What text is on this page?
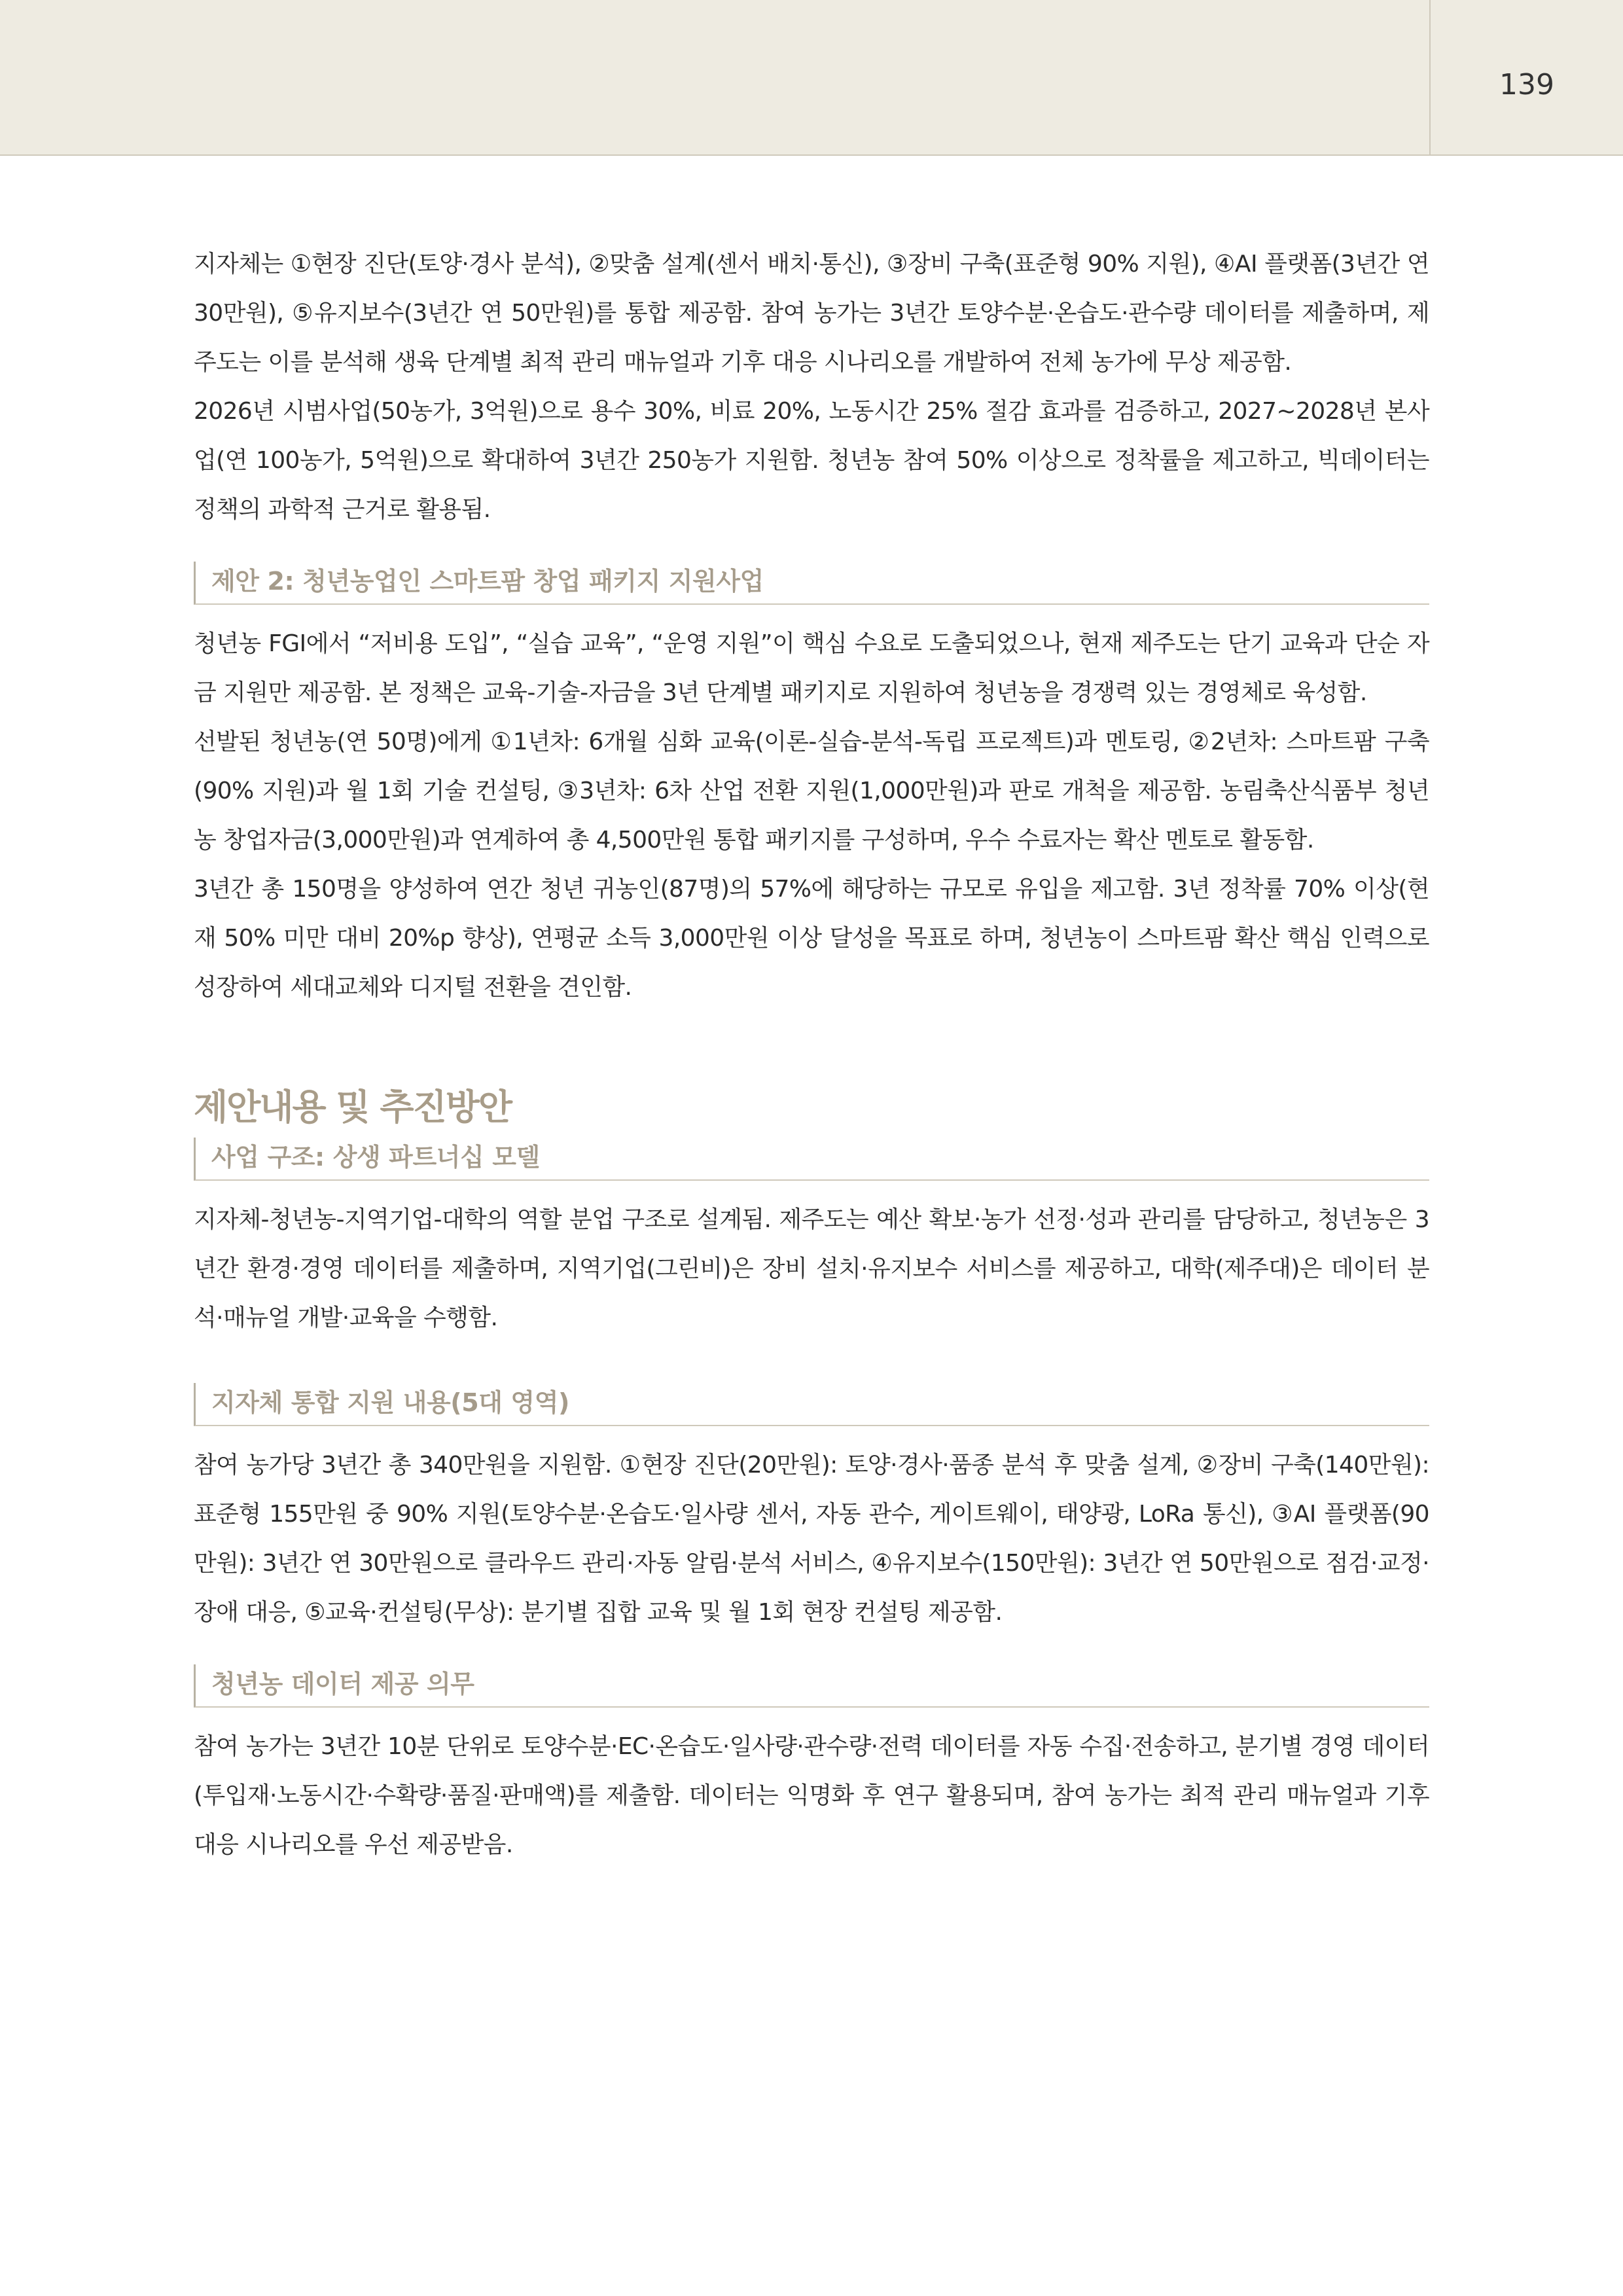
139

지자체는 ①현장 진단(토양·경사 분석), ②맞춤 설계(센서 배치·통신), ③장비 구축(표준형 90% 지원), ④AI 플랫폼(3년간 연 30만원), ⑤유지보수(3년간 연 50만원)를 통합 제공함. 참여 농가는 3년간 토양수분·온습도·관수량 데이터를 제출하며, 제주도는 이를 분석해 생육 단계별 최적 관리 매뉴얼과 기후 대응 시나리오를 개발하여 전체 농가에 무상 제공함.

2026년 시범사업(50농가, 3억원)으로 용수 30%, 비료 20%, 노동시간 25% 절감 효과를 검증하고, 2027~2028년 본사업(연 100농가, 5억원)으로 확대하여 3년간 250농가 지원함. 청년농 참여 50% 이상으로 정착률을 제고하고, 빅데이터는 정책의 과학적 근거로 활용됨.

제안 2: 청년농업인 스마트팜 창업 패키지 지원사업

청년농 FGI에서 “저비용 도입”, “실습 교육”, “운영 지원”이 핵심 수요로 도출되었으나, 현재 제주도는 단기 교육과 단순 자금 지원만 제공함. 본 정책은 교육-기술-자금을 3년 단계별 패키지로 지원하여 청년농을 경쟁력 있는 경영체로 육성함.

선발된 청년농(연 50명)에게 ①1년차: 6개월 심화 교육(이론-실습-분석-독립 프로젝트)과 멘토링, ②2년차: 스마트팜 구축(90% 지원)과 월 1회 기술 컨설팅, ③3년차: 6차 산업 전환 지원(1,000만원)과 판로 개척을 제공함. 농림축산식품부 청년농 창업자금(3,000만원)과 연계하여 총 4,500만원 통합 패키지를 구성하며, 우수 수료자는 확산 멘토로 활동함.

3년간 총 150명을 양성하여 연간 청년 귀농인(87명)의 57%에 해당하는 규모로 유입을 제고함. 3년 정착률 70% 이상(현재 50% 미만 대비 20%p 향상), 연평균 소득 3,000만원 이상 달성을 목표로 하며, 청년농이 스마트팜 확산 핵심 인력으로 성장하여 세대교체와 디지털 전환을 견인함.

제안내용 및 추진방안
사업 구조: 상생 파트너십 모델

지자체-청년농-지역기업-대학의 역할 분업 구조로 설계됨. 제주도는 예산 확보·농가 선정·성과 관리를 담당하고, 청년농은 3년간 환경·경영 데이터를 제출하며, 지역기업(그린비)은 장비 설치·유지보수 서비스를 제공하고, 대학(제주대)은 데이터 분석·매뉴얼 개발·교육을 수행함.

지자체 통합 지원 내용(5대 영역)

참여 농가당 3년간 총 340만원을 지원함. ①현장 진단(20만원): 토양·경사·품종 분석 후 맞춤 설계, ②장비 구축(140만원): 표준형 155만원 중 90% 지원(토양수분·온습도·일사량 센서, 자동 관수, 게이트웨이, 태양광, LoRa 통신), ③AI 플랫폼(90만원): 3년간 연 30만원으로 클라우드 관리·자동 알림·분석 서비스, ④유지보수(150만원): 3년간 연 50만원으로 점검·교정·장애 대응, ⑤교육·컨설팅(무상): 분기별 집합 교육 및 월 1회 현장 컨설팅 제공함.

청년농 데이터 제공 의무

참여 농가는 3년간 10분 단위로 토양수분·EC·온습도·일사량·관수량·전력 데이터를 자동 수집·전송하고, 분기별 경영 데이터(투입재·노동시간·수확량·품질·판매액)를 제출함. 데이터는 익명화 후 연구 활용되며, 참여 농가는 최적 관리 매뉴얼과 기후 대응 시나리오를 우선 제공받음.
